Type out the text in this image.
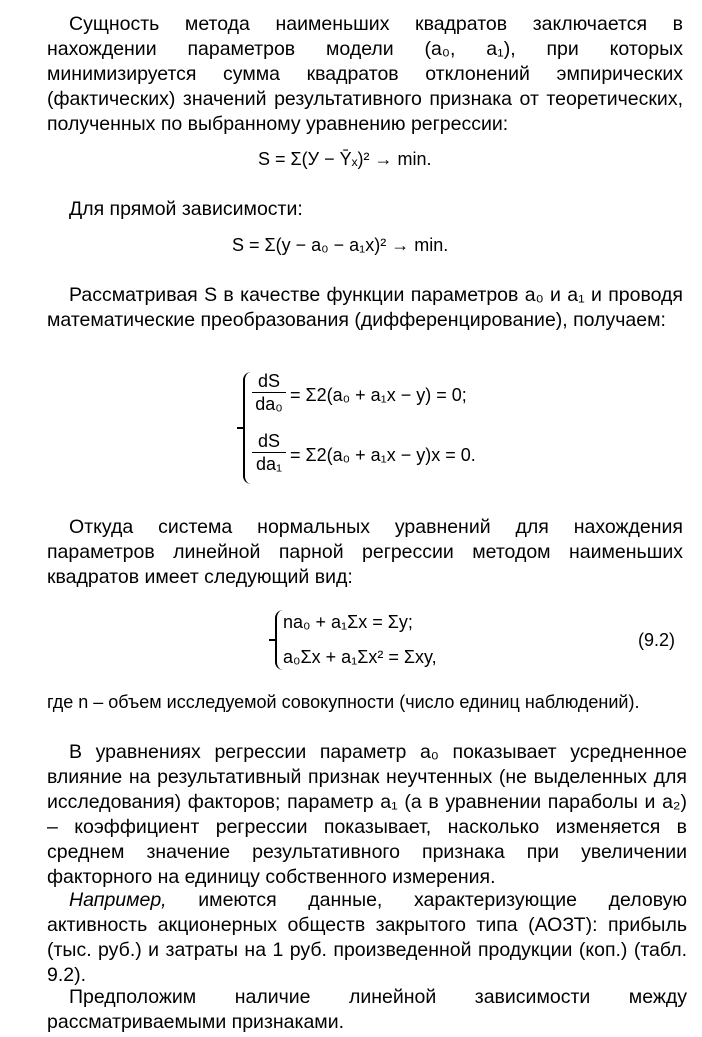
Сущность метода наименьших квадратов заключается в нахождении параметров модели (a₀, a₁), при которых минимизируется сумма квадратов отклонений эмпирических (фактических) значений результативного признака от теоретических, полученных по выбранному уравнению регрессии:

S = Σ(У − Ȳₓ)² → min.

Для прямой зависимости:

S = Σ(y − a₀ − a₁x)² → min.

Рассматривая S в качестве функции параметров a₀ и a₁ и проводя математические преобразования (дифференцирование), получаем:

$\frac{dS}{\text{da₀}} = \Sigma 2(a_0 + a_1x - y) = 0$;
$\frac{dS}{\text{da₁}} = \Sigma 2(a_0 + a_1x - y)x = 0$.

Откуда система нормальных уравнений для нахождения параметров линейной парной регрессии методом наименьших квадратов имеет следующий вид:

na₀ + a₁Σx = Σy;
a₀Σx + a₁Σx² = Σxy,
(9.2)

где n – объем исследуемой совокупности (число единиц наблюдений).

В уравнениях регрессии параметр a₀ показывает усредненное влияние на результативный признак неучтенных (не выделенных для исследования) факторов; параметр a₁ (а в уравнении параболы и a₂) – коэффициент регрессии показывает, насколько изменяется в среднем значение результативного признака при увеличении факторного на единицу собственного измерения.

Например, имеются данные, характеризующие деловую активность акционерных обществ закрытого типа (АОЗТ): прибыль (тыс. руб.) и затраты на 1 руб. произведенной продукции (коп.) (табл. 9.2).

Предположим наличие линейной зависимости между рассматриваемыми признаками.
